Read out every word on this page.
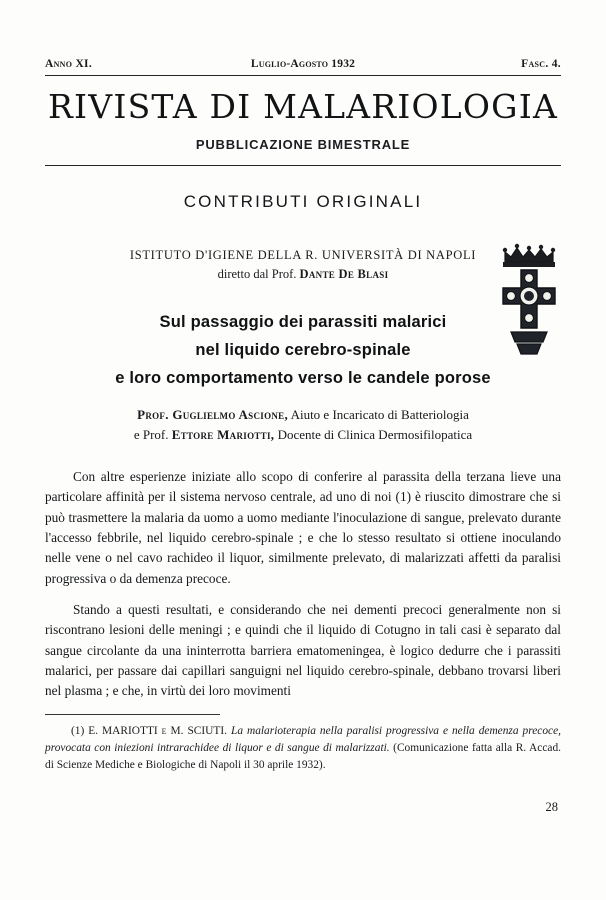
Anno XI.	Luglio-Agosto 1932	Fasc. 4.
RIVISTA DI MALARIOLOGIA
PUBBLICAZIONE BIMESTRALE
CONTRIBUTI ORIGINALI
ISTITUTO D'IGIENE DELLA R. UNIVERSITÀ DI NAPOLI
diretto dal Prof. Dante De Blasi
Sul passaggio dei parassiti malarici
nel liquido cerebro-spinale
e loro comportamento verso le candele porose
Prof. Guglielmo Ascione, Aiuto e Incaricato di Batteriologia
e Prof. Ettore Mariotti, Docente di Clinica Dermosifilopatica

Con altre esperienze iniziate allo scopo di conferire al parassita della terzana lieve una particolare affinità per il sistema nervoso centrale, ad uno di noi (1) è riuscito dimostrare che si può trasmettere la malaria da uomo a uomo mediante l'inoculazione di sangue, prelevato durante l'accesso febbrile, nel liquido cerebro-spinale ; e che lo stesso resultato si ottiene inoculando nelle vene o nel cavo rachideo il liquor, similmente prelevato, di malarizzati affetti da paralisi progressiva o da demenza precoce.

Stando a questi resultati, e considerando che nei dementi precoci generalmente non si riscontrano lesioni delle meningi ; e quindi che il liquido di Cotugno in tali casi è separato dal sangue circolante da una ininterrotta barriera ematomeningea, è logico dedurre che i parassiti malarici, per passare dai capillari sanguigni nel liquido cerebro-spinale, debbano trovarsi liberi nel plasma ; e che, in virtù dei loro movimenti

(1) E. MARIOTTI e M. SCIUTI. La malarioterapia nella paralisi progressiva e nella demenza precoce, provocata con iniezioni intrarachidee di liquor e di sangue di malarizzati. (Comunicazione fatta alla R. Accad. di Scienze Mediche e Biologiche di Napoli il 30 aprile 1932).
28
